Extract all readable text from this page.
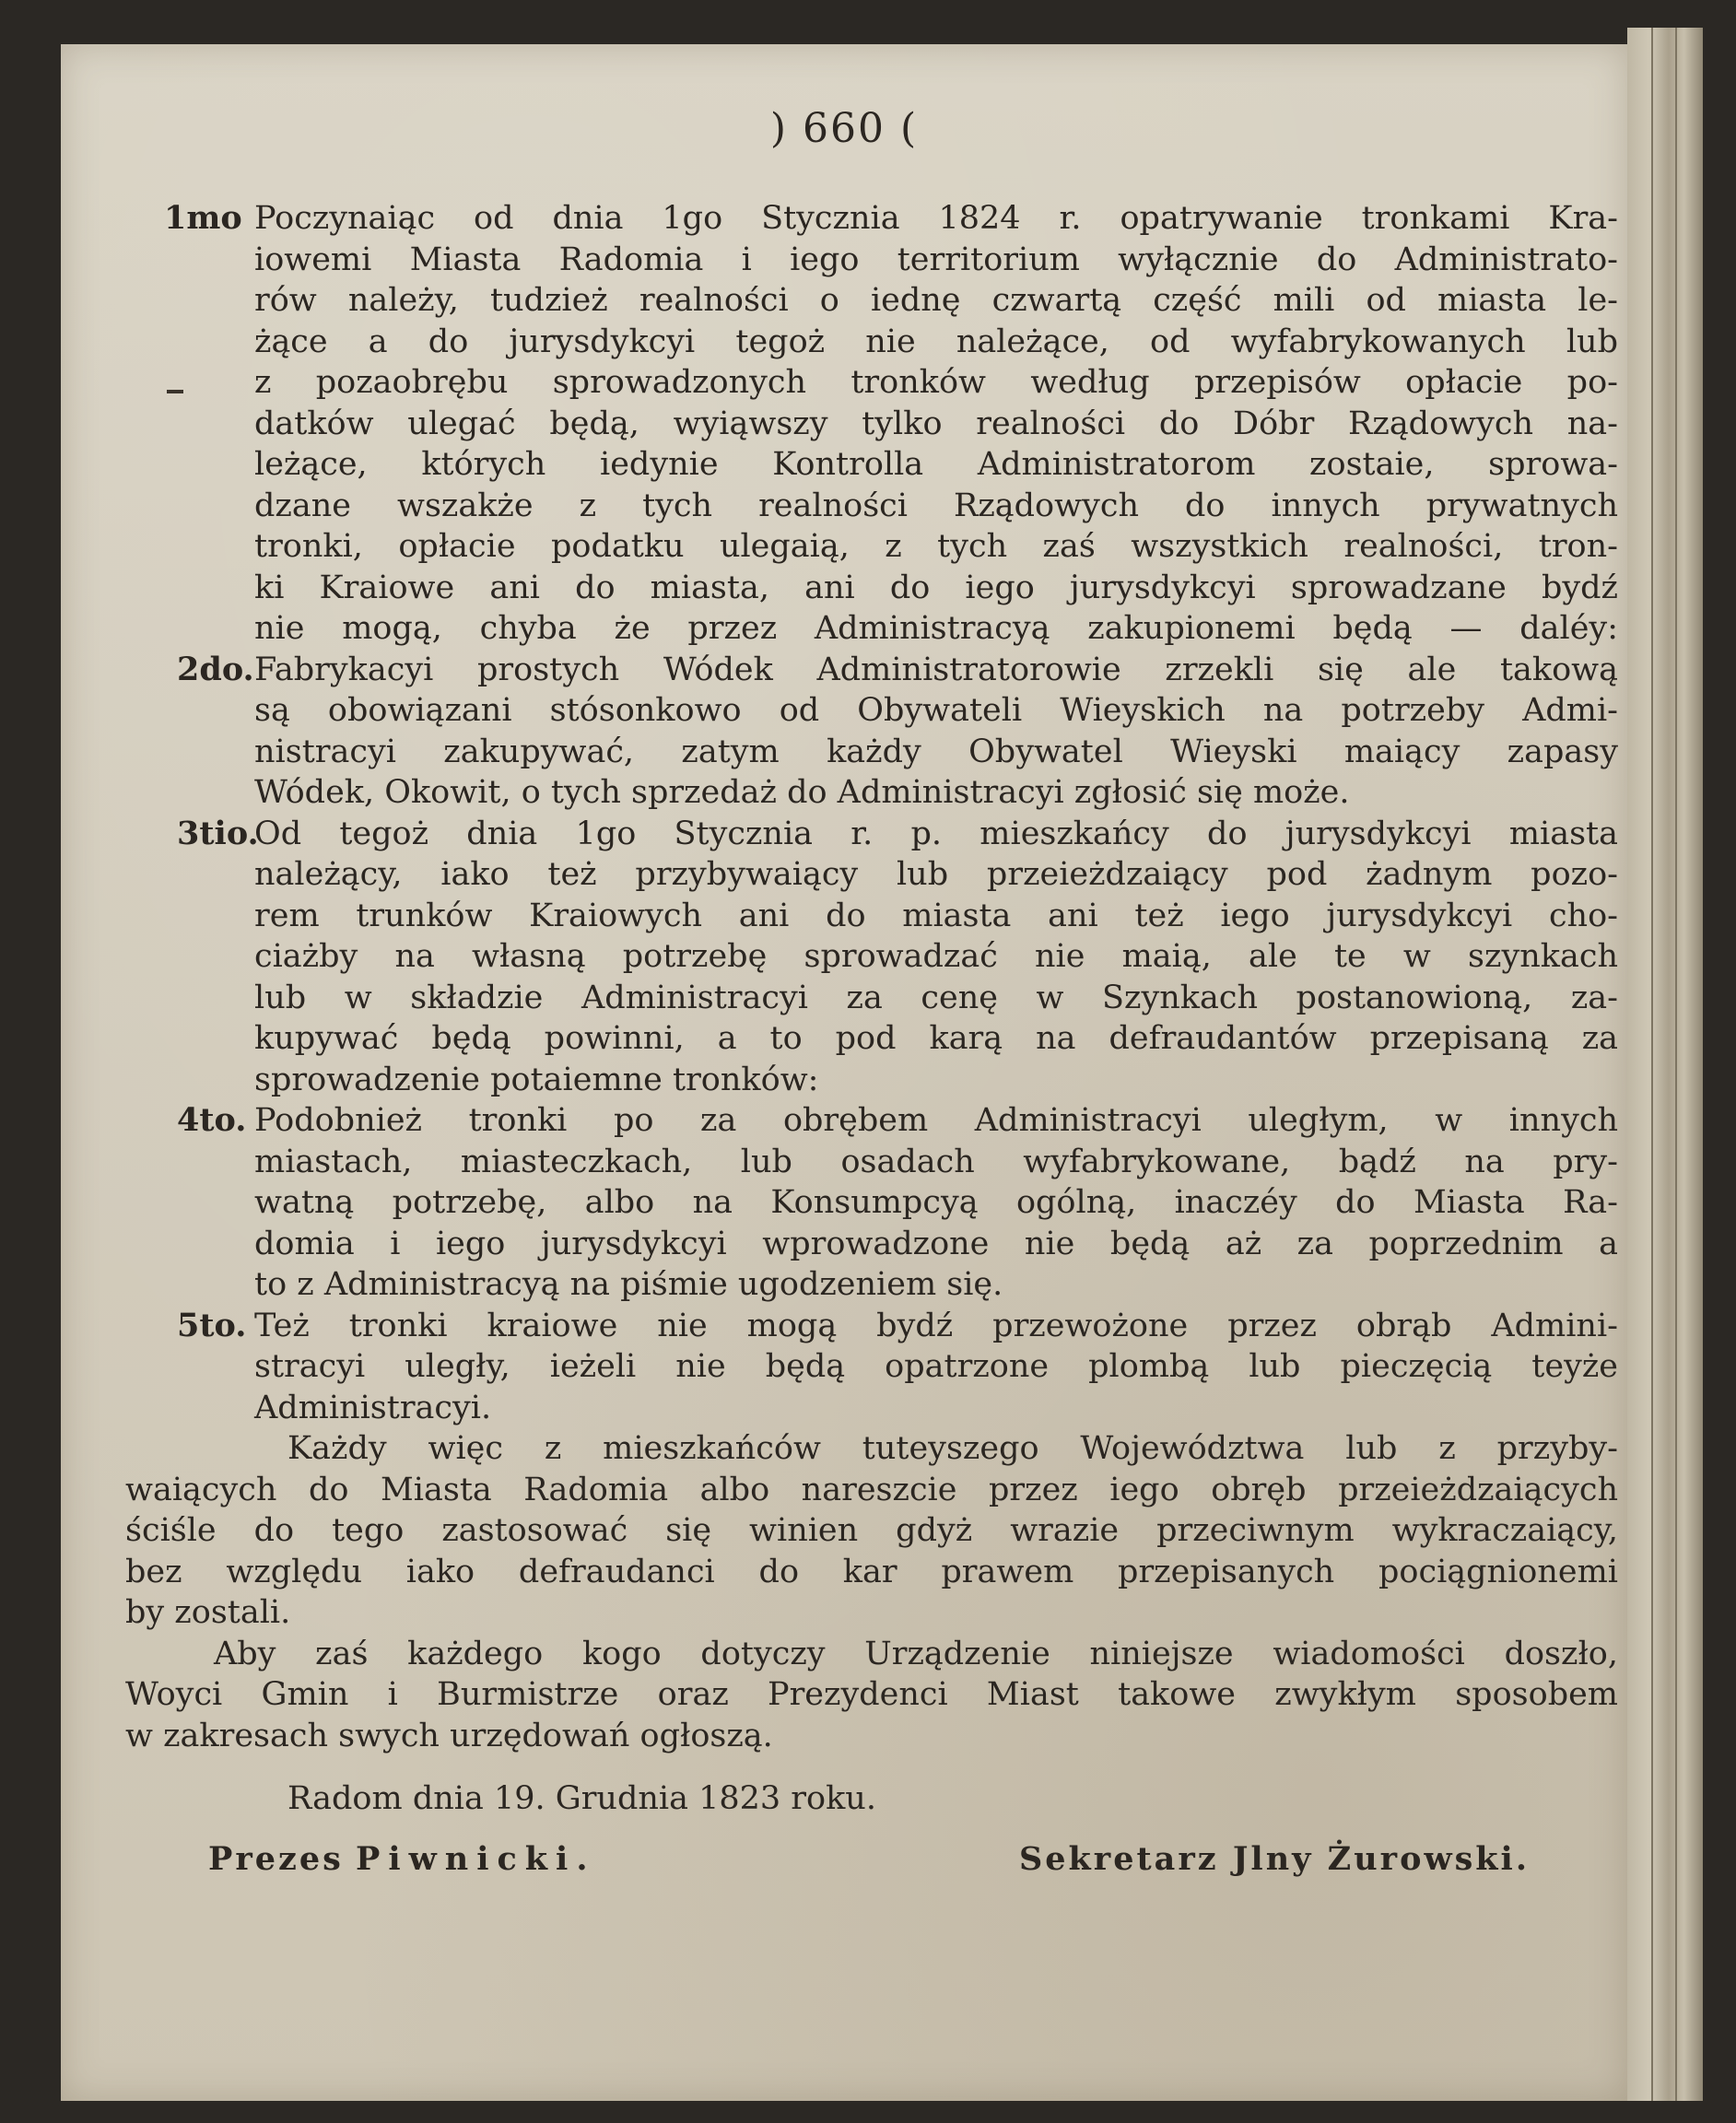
) 660 (
1mo Poczynaiąc od dnia 1go Stycznia 1824 r. opatrywanie tronkami Kra-
iowemi Miasta Radomia i iego territorium wyłącznie do Administrato-
rów należy, tudzież realności o iednę czwartą część mili od miasta le-
żące a do jurysdykcyi tegoż nie należące, od wyfabrykowanych lub
z pozaobrębu sprowadzonych tronków według przepisów opłacie po-
datków ulegać będą, wyiąwszy tylko realności do Dóbr Rządowych na-
leżące, których iedynie Kontrolla Administratorom zostaie, sprowa-
dzane wszakże z tych realności Rządowych do innych prywatnych
tronki, opłacie podatku ulegaią, z tych zaś wszystkich realności, tron-
ki Kraiowe ani do miasta, ani do iego jurysdykcyi sprowadzane bydź
nie mogą, chyba że przez Administracyą zakupionemi będą — daléy:
2do. Fabrykacyi prostych Wódek Administratorowie zrzekli się ale takową
są obowiązani stósonkowo od Obywateli Wieyskich na potrzeby Admi-
nistracyi zakupywać, zatym każdy Obywatel Wieyski maiący zapasy
Wódek, Okowit, o tych sprzedaż do Administracyi zgłosić się może.
3tio.
Od tegoż dnia 1go Stycznia r. p. mieszkańcy do jurysdykcyi miasta
należący, iako też przybywaiący lub przeieżdzaiący pod żadnym pozo-
rem trunków Kraiowych ani do miasta ani też iego jurysdykcyi cho-
ciażby na własną potrzebę sprowadzać nie maią, ale te w szynkach
lub w składzie Administracyi za cenę w Szynkach postanowioną, za-
kupywać będą powinni, a to pod karą na defraudantów przepisaną za
sprowadzenie potaiemne tronków:
4to. Podobnież tronki po za obrębem Administracyi uległym, w innych
miastach, miasteczkach, lub osadach wyfabrykowane, bądź na pry-
watną potrzebę, albo na Konsumpcyą ogólną, inaczéy do Miasta Ra-
domia i iego jurysdykcyi wprowadzone nie będą aż za poprzednim a
to z Administracyą na piśmie ugodzeniem się.
5to. Też tronki kraiowe nie mogą bydź przewożone przez obrąb Admini-
stracyi uległy, ieżeli nie będą opatrzone plombą lub pieczęcią teyże
Administracyi.
Każdy więc z mieszkańców tuteyszego Województwa lub z przyby-
waiących do Miasta Radomia albo nareszcie przez iego obręb przeieżdzaiących
ściśle do tego zastosować się winien gdyż wrazie przeciwnym wykraczaiący,
bez względu iako defraudanci do kar prawem przepisanych pociągnionemi
by zostali.
Aby zaś każdego kogo dotyczy Urządzenie niniejsze wiadomości doszło,
Woyci Gmin i Burmistrze oraz Prezydenci Miast takowe zwykłym sposobem
w zakresach swych urzędowań ogłoszą.
Radom dnia 19. Grudnia 1823 roku.
Prezes Piwnicki.	Sekretarz Jlny Żurowski.
